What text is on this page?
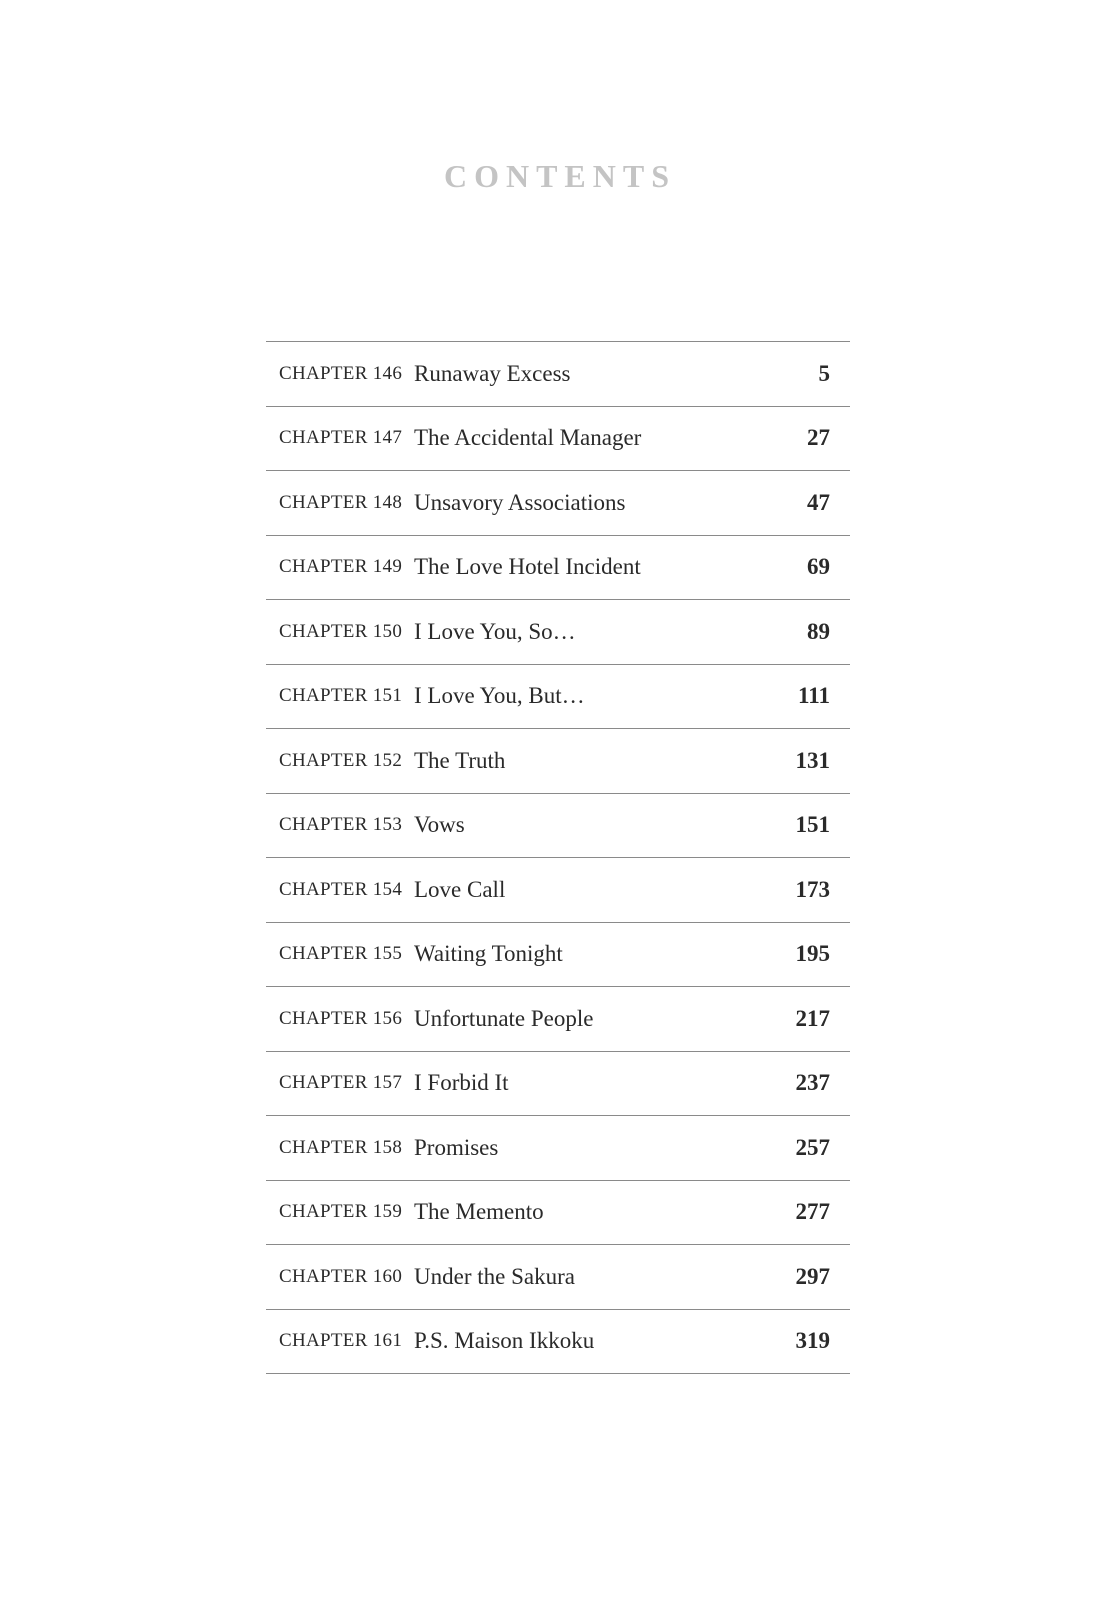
CONTENTS
CHAPTER 146 Runaway Excess	5
CHAPTER 147 The Accidental Manager	27
CHAPTER 148 Unsavory Associations	47
CHAPTER 149 The Love Hotel Incident	69
CHAPTER 150 I Love You, So…	89
CHAPTER 151 I Love You, But…	111
CHAPTER 152 The Truth	131
CHAPTER 153 Vows	151
CHAPTER 154 Love Call	173
CHAPTER 155 Waiting Tonight	195
CHAPTER 156 Unfortunate People	217
CHAPTER 157 I Forbid It	237
CHAPTER 158 Promises	257
CHAPTER 159 The Memento	277
CHAPTER 160 Under the Sakura	297
CHAPTER 161 P.S. Maison Ikkoku	319
